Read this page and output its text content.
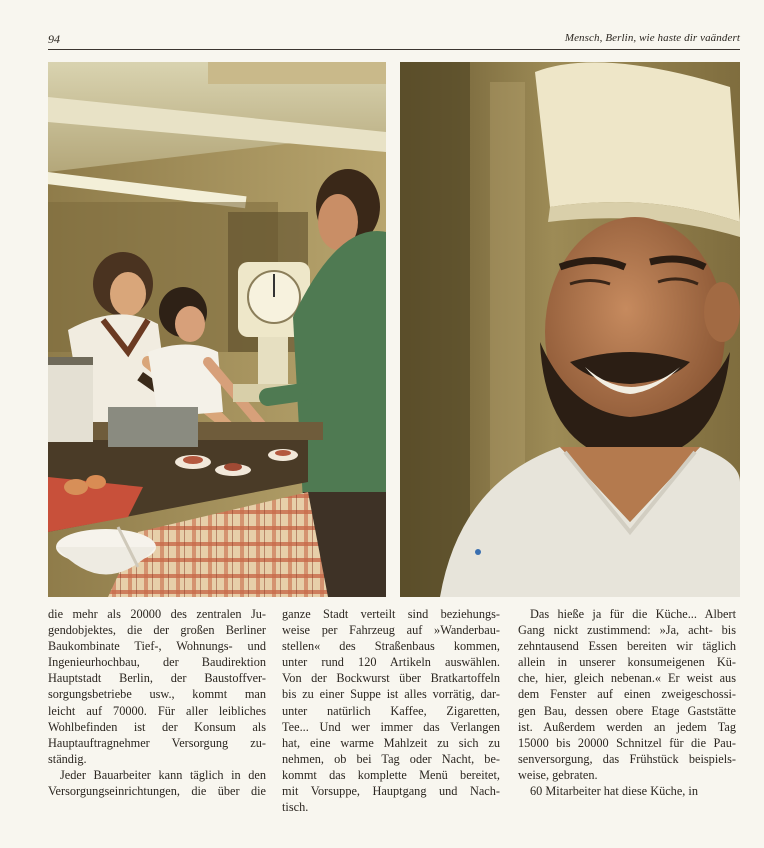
94	Mensch, Berlin, wie haste dir vaändert

die mehr als 20000 des zentralen Ju-
gendobjektes, die der großen Berliner
Baukombinate Tief-, Wohnungs- und
Ingenieurhochbau, der Baudirektion
Hauptstadt Berlin, der Baustoffver-
sorgungsbetriebe usw., kommt man
leicht auf 70000. Für aller leibliches
Wohlbefinden ist der Konsum als
Hauptauftragnehmer Versorgung zu-
ständig.

Jeder Bauarbeiter kann täglich in den
Versorgungseinrichtungen, die über die

ganze Stadt verteilt sind beziehungs-
weise per Fahrzeug auf »Wanderbau-
stellen« des Straßenbaus kommen,
unter rund 120 Artikeln auswählen.
Von der Bockwurst über Bratkartoffeln
bis zu einer Suppe ist alles vorrätig, dar-
unter natürlich Kaffee, Zigaretten,
Tee... Und wer immer das Verlangen
hat, eine warme Mahlzeit zu sich zu
nehmen, ob bei Tag oder Nacht, be-
kommt das komplette Menü bereitet,
mit Vorsuppe, Hauptgang und Nach-
tisch.

Das hieße ja für die Küche... Albert
Gang nickt zustimmend: »Ja, acht- bis
zehntausend Essen bereiten wir täglich
allein in unserer konsumeigenen Kü-
che, hier, gleich nebenan.« Er weist aus
dem Fenster auf einen zweigeschossi-
gen Bau, dessen obere Etage Gaststätte
ist. Außerdem werden an jedem Tag
15000 bis 20000 Schnitzel für die Pau-
senversorgung, das Frühstück beispiels-
weise, gebraten.

60 Mitarbeiter hat diese Küche, in
